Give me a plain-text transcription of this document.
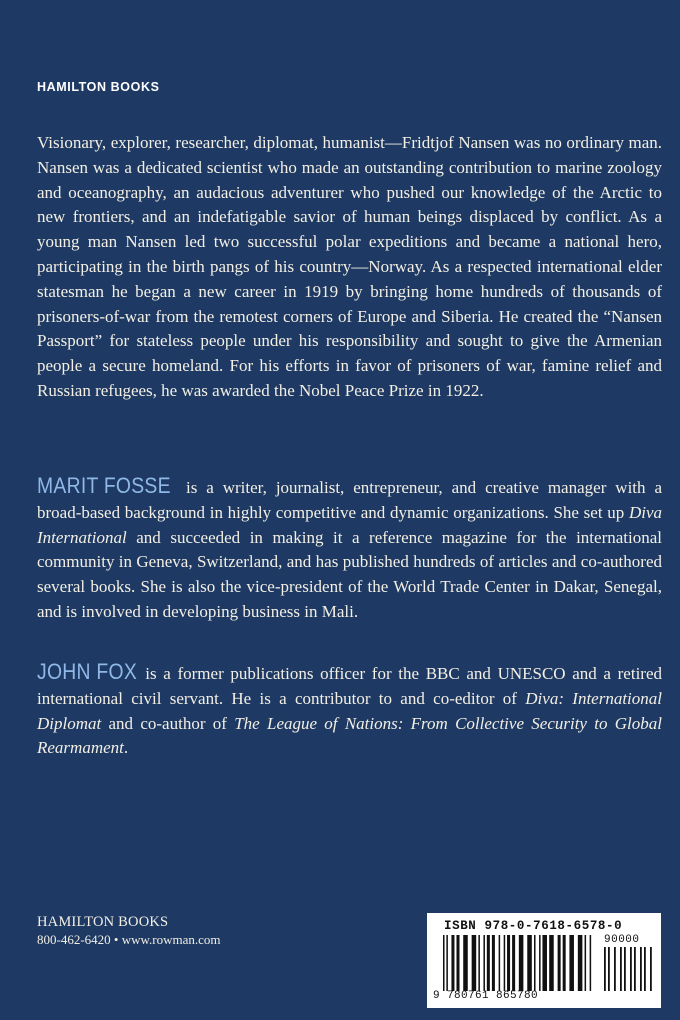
HAMILTON BOOKS

Visionary, explorer, researcher, diplomat, humanist—Fridtjof Nansen was no ordinary man. Nansen was a dedicated scientist who made an outstanding contribution to marine zoology and oceanography, an audacious adventurer who pushed our knowledge of the Arctic to new frontiers, and an indefatigable savior of human beings displaced by conflict. As a young man Nansen led two successful polar expeditions and became a national hero, participating in the birth pangs of his country—Norway. As a respected international elder statesman he began a new career in 1919 by bringing home hundreds of thousands of prisoners-of-war from the remotest corners of Europe and Siberia. He created the “Nansen Passport” for stateless people under his responsibility and sought to give the Armenian people a secure homeland. For his efforts in favor of prisoners of war, famine relief and Russian refugees, he was awarded the Nobel Peace Prize in 1922.

MARIT FOSSE is a writer, journalist, entrepreneur, and creative manager with a broad-based background in highly competitive and dynamic organizations. She set up Diva International and succeeded in making it a reference magazine for the international community in Geneva, Switzerland, and has published hundreds of articles and co-authored several books. She is also the vice-president of the World Trade Center in Dakar, Senegal, and is involved in developing business in Mali.

JOHN FOX is a former publications officer for the BBC and UNESCO and a retired international civil servant. He is a contributor to and co-editor of Diva: International Diplomat and co-author of The League of Nations: From Collective Security to Global Rearmament.

HAMILTON BOOKS
800-462-6420 • www.rowman.com
ISBN 978-0-7618-6578-0
90000
9 780761 865780
